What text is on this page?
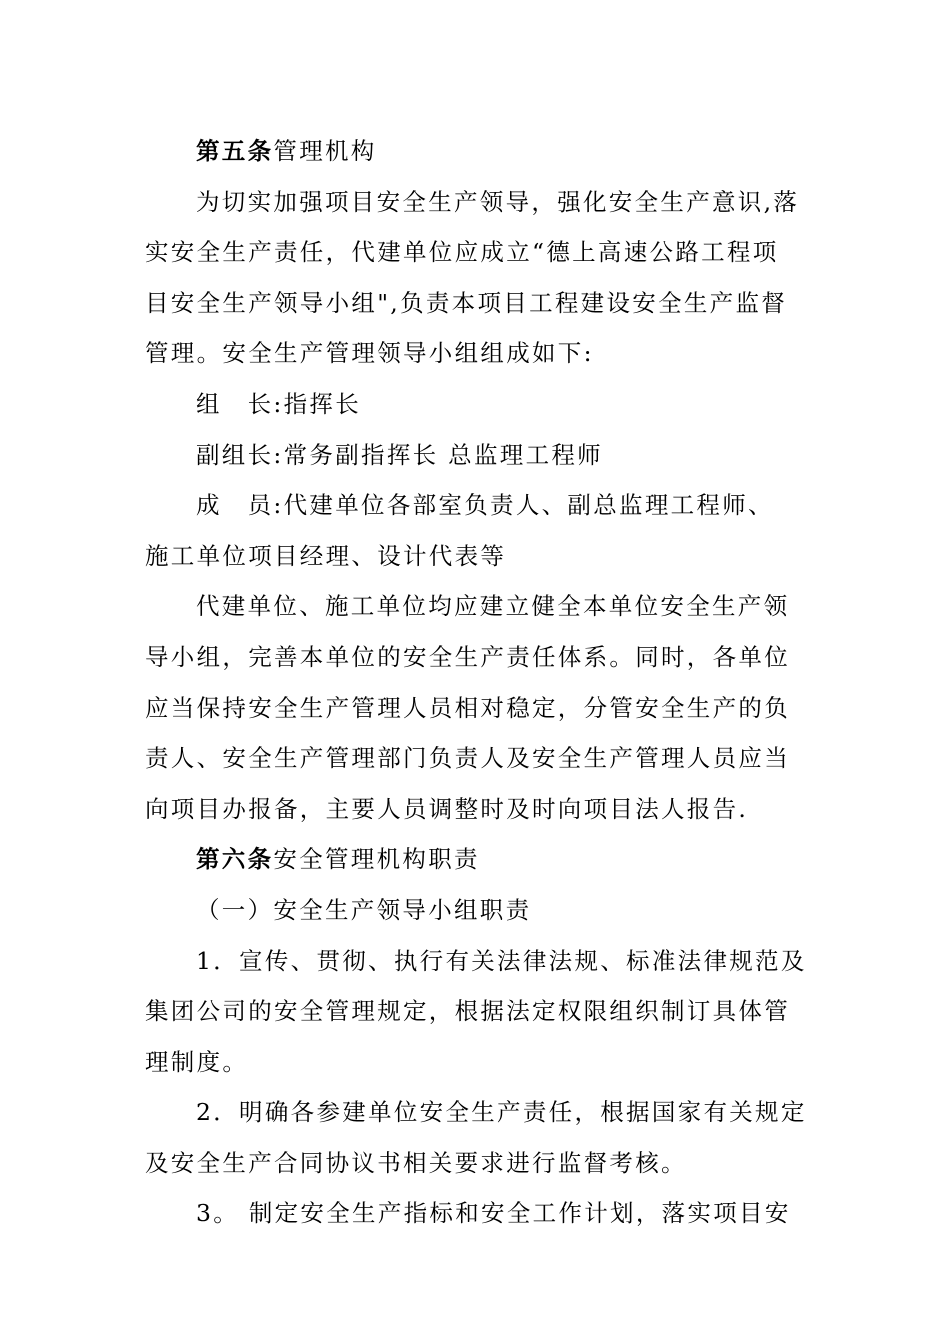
第五条管理机构
为切实加强项目安全生产领导，强化安全生产意识,落
实安全生产责任，代建单位应成立“德上高速公路工程项
目安全生产领导小组",负责本项目工程建设安全生产监督
管理。安全生产管理领导小组组成如下:
组　长:指挥长
副组长:常务副指挥长 总监理工程师
成　员:代建单位各部室负责人、副总监理工程师、
施工单位项目经理、设计代表等
代建单位、施工单位均应建立健全本单位安全生产领
导小组，完善本单位的安全生产责任体系。同时，各单位
应当保持安全生产管理人员相对稳定，分管安全生产的负
责人、安全生产管理部门负责人及安全生产管理人员应当
向项目办报备，主要人员调整时及时向项目法人报告.
第六条安全管理机构职责
（一）安全生产领导小组职责
1．宣传、贯彻、执行有关法律法规、标准法律规范及
集团公司的安全管理规定，根据法定权限组织制订具体管
理制度。
2．明确各参建单位安全生产责任，根据国家有关规定
及安全生产合同协议书相关要求进行监督考核。
3。 制定安全生产指标和安全工作计划，落实项目安
